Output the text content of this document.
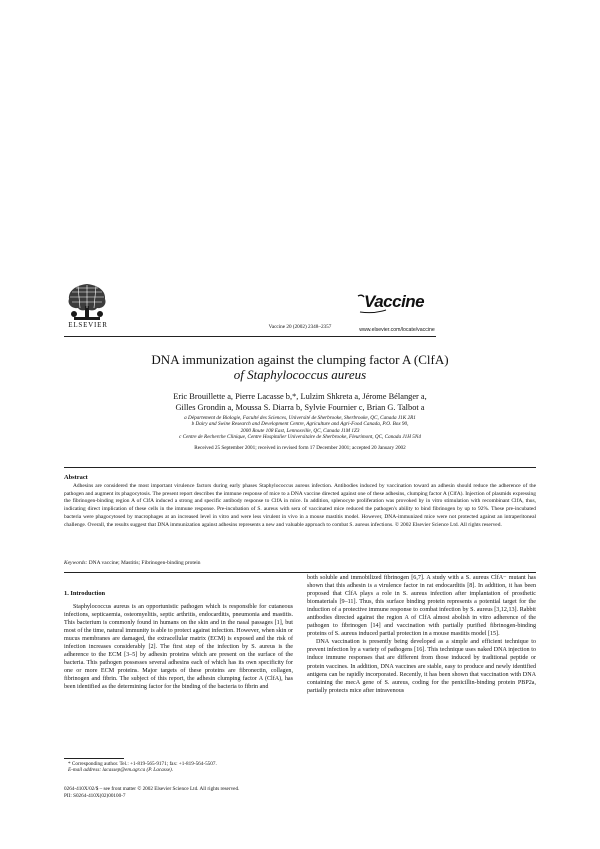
ELSEVIER	Vaccine 20 (2002) 2348–2357
Vaccine
www.elsevier.com/locate/vaccine
DNA immunization against the clumping factor A (ClfA)
of Staphylococcus aureus
Eric Brouillette a, Pierre Lacasse b,*, Lulzim Shkreta a, Jérome Bélanger a,
Gilles Grondin a, Moussa S. Diarra b, Sylvie Fournier c, Brian G. Talbot a
a Département de Biologie, Faculté des Sciences, Université de Sherbrooke, Sherbrooke, QC, Canada J1K 2R1
b Dairy and Swine Research and Development Centre, Agriculture and Agri-Food Canada, P.O. Box 90,
2000 Route 108 East, Lennoxville, QC, Canada J1M 1Z3
c Centre de Recherche Clinique, Centre Hospitalier Universitaire de Sherbrooke, Fleurimont, QC, Canada J1H 5N4
Received 25 September 2001; received in revised form 17 December 2001; accepted 20 January 2002
Abstract
Adhesins are considered the most important virulence factors during early phases Staphylococcus aureus infection. Antibodies induced by vaccination toward an adhesin should reduce the adherence of the pathogen and augment its phagocytosis. The present report describes the immune response of mice to a DNA vaccine directed against one of these adhesins, clumping factor A (ClfA). Injection of plasmids expressing the fibrinogen-binding region A of ClfA induced a strong and specific antibody response to ClfA in mice. In addition, splenocyte proliferation was provoked by in vitro stimulation with recombinant ClfA, thus, indicating direct implication of these cells in the immune response. Pre-incubation of S. aureus with sera of vaccinated mice reduced the pathogen's ability to bind fibrinogen by up to 92%. These pre-incubated bacteria were phagocytosed by macrophages at an increased level in vitro and were less virulent in vivo in a mouse mastitis model. However, DNA-immunized mice were not protected against an intraperitoneal challenge. Overall, the results suggest that DNA immunization against adhesins represents a new and valuable approach to combat S. aureus infections. © 2002 Elsevier Science Ltd. All rights reserved.
Keywords: DNA vaccine; Mastitis; Fibrinogen-binding protein
1. Introduction

Staphylococcus aureus is an opportunistic pathogen which is responsible for cutaneous infections, septicaemia, osteomyelitis, septic arthritis, endocarditis, pneumonia and mastitis. This bacterium is commonly found in humans on the skin and in the nasal passages [1], but most of the time, natural immunity is able to protect against infection. However, when skin or mucus membranes are damaged, the extracellular matrix (ECM) is exposed and the risk of infection increases considerably [2]. The first step of the infection by S. aureus is the adherence to the ECM [3–5] by adhesin proteins which are present on the surface of the bacteria. This pathogen possesses several adhesins each of which has its own specificity for one or more ECM proteins. Major targets of these proteins are fibronectin, collagen, fibrinogen and fibrin. The subject of this report, the adhesin clumping factor A (ClfA), has been identified as the determining factor for the binding of the bacteria to fibrin and

both soluble and immobilized fibrinogen [6,7]. A study with a S. aureus ClfA− mutant has shown that this adhesin is a virulence factor in rat endocarditis [8]. In addition, it has been proposed that ClfA plays a role in S. aureus infection after implantation of prosthetic biomaterials [9–11]. Thus, this surface binding protein represents a potential target for the induction of a protective immune response to combat infection by S. aureus [3,12,13]. Rabbit antibodies directed against the region A of ClfA almost abolish in vitro adherence of the pathogen to fibrinogen [14] and vaccination with partially purified fibrinogen-binding proteins of S. aureus induced partial protection in a mouse mastitis model [15].

DNA vaccination is presently being developed as a simple and efficient technique to prevent infection by a variety of pathogens [16]. This technique uses naked DNA injection to induce immune responses that are different from those induced by traditional peptide or protein vaccines. In addition, DNA vaccines are stable, easy to produce and newly identified antigens can be rapidly incorporated. Recently, it has been shown that vaccination with DNA containing the mecA gene of S. aureus, coding for the penicillin-binding protein PBP2a, partially protects mice after intravenous

* Corresponding author. Tel.: +1-819-565-9171; fax: +1-819-564-5507.
E-mail address: lacassep@em.agr.ca (P. Lacasse).
0264-410X/02/$ – see front matter © 2002 Elsevier Science Ltd. All rights reserved.
PII: S0264-410X(02)00100-7
